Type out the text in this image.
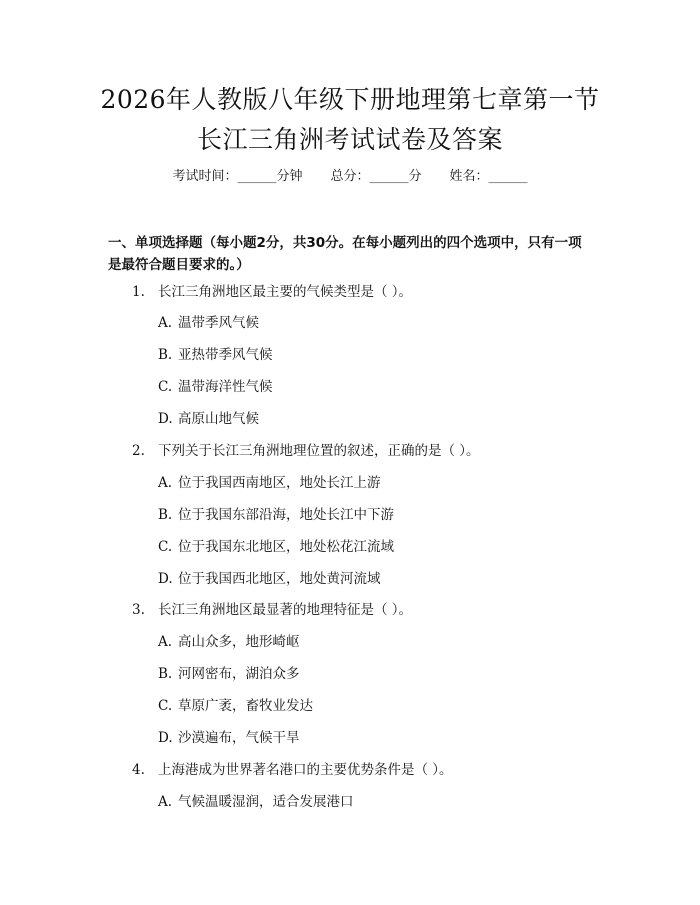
2026年人教版八年级下册地理第七章第一节
长江三角洲考试试卷及答案
考试时间：______分钟 总分：______分 姓名：______

一、单项选择题（每小题2分，共30分。在每小题列出的四个选项中，只有一项是最符合题目要求的。）

1. 长江三角洲地区最主要的气候类型是（ ）。
A. 温带季风气候
B. 亚热带季风气候
C. 温带海洋性气候
D. 高原山地气候
2. 下列关于长江三角洲地理位置的叙述，正确的是（ ）。
A. 位于我国西南地区，地处长江上游
B. 位于我国东部沿海，地处长江中下游
C. 位于我国东北地区，地处松花江流域
D. 位于我国西北地区，地处黄河流域
3. 长江三角洲地区最显著的地理特征是（ ）。
A. 高山众多，地形崎岖
B. 河网密布，湖泊众多
C. 草原广袤，畜牧业发达
D. 沙漠遍布，气候干旱
4. 上海港成为世界著名港口的主要优势条件是（ ）。
A. 气候温暖湿润，适合发展港口
